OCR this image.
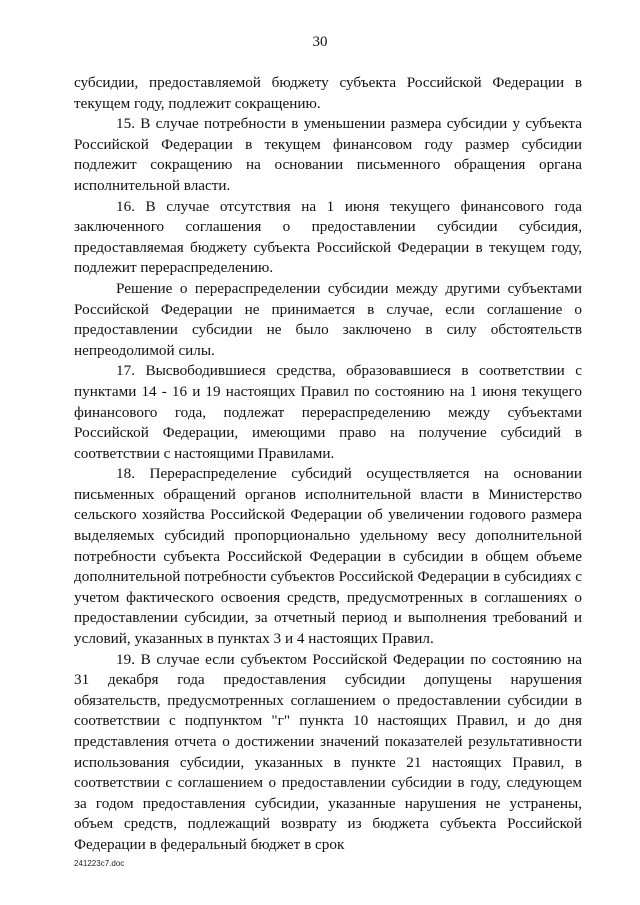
30

субсидии, предоставляемой бюджету субъекта Российской Федерации в текущем году, подлежит сокращению.

15. В случае потребности в уменьшении размера субсидии у субъекта Российской Федерации в текущем финансовом году размер субсидии подлежит сокращению на основании письменного обращения органа исполнительной власти.

16. В случае отсутствия на 1 июня текущего финансового года заключенного соглашения о предоставлении субсидии субсидия, предоставляемая бюджету субъекта Российской Федерации в текущем году, подлежит перераспределению.

Решение о перераспределении субсидии между другими субъектами Российской Федерации не принимается в случае, если соглашение о предоставлении субсидии не было заключено в силу обстоятельств непреодолимой силы.

17. Высвободившиеся средства, образовавшиеся в соответствии с пунктами 14 - 16 и 19 настоящих Правил по состоянию на 1 июня текущего финансового года, подлежат перераспределению между субъектами Российской Федерации, имеющими право на получение субсидий в соответствии с настоящими Правилами.

18. Перераспределение субсидий осуществляется на основании письменных обращений органов исполнительной власти в Министерство сельского хозяйства Российской Федерации об увеличении годового размера выделяемых субсидий пропорционально удельному весу дополнительной потребности субъекта Российской Федерации в субсидии в общем объеме дополнительной потребности субъектов Российской Федерации в субсидиях с учетом фактического освоения средств, предусмотренных в соглашениях о предоставлении субсидии, за отчетный период и выполнения требований и условий, указанных в пунктах 3 и 4 настоящих Правил.

19. В случае если субъектом Российской Федерации по состоянию на 31 декабря года предоставления субсидии допущены нарушения обязательств, предусмотренных соглашением о предоставлении субсидии в соответствии с подпунктом "г" пункта 10 настоящих Правил, и до дня представления отчета о достижении значений показателей результативности использования субсидии, указанных в пункте 21 настоящих Правил, в соответствии с соглашением о предоставлении субсидии в году, следующем за годом предоставления субсидии, указанные нарушения не устранены, объем средств, подлежащий возврату из бюджета субъекта Российской Федерации в федеральный бюджет в срок

241223c7.doc
